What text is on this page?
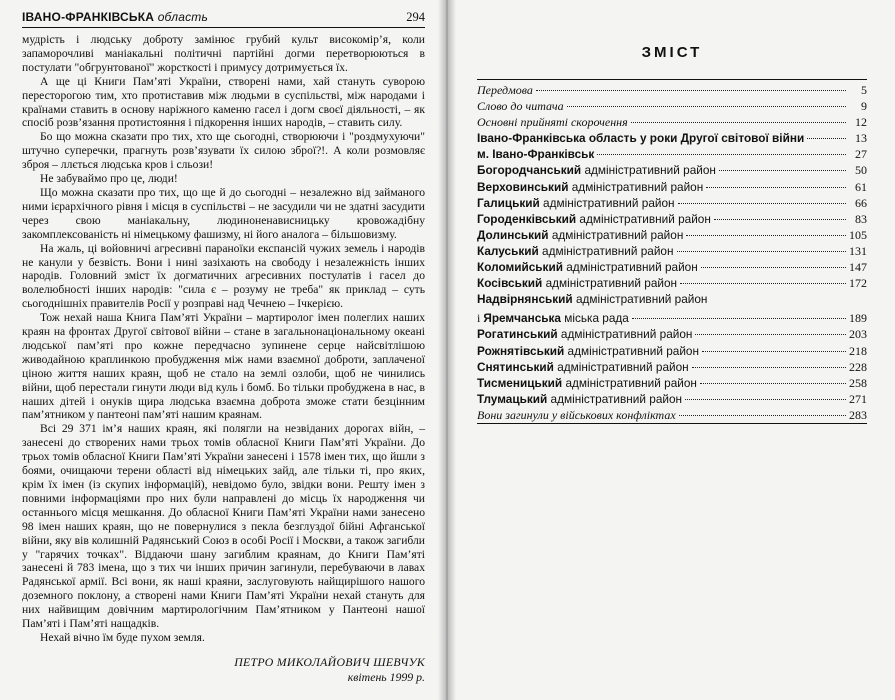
ІВАНО-ФРАНКІВСЬКА область	294

мудрість і людську доброту замінює грубий культ високомір’я, коли запаморочливі маніакальні політичні партійні догми перетворюються в постулати "обгрунтованої" жорсткості і примусу дотримується їх.

А ще ці Книги Пам’яті України, створені нами, хай стануть суворою пересторогою тим, хто протиставив між людьми в суспільстві, між народами і країнами ставить в основу наріжного каменю гасел і догм своєї діяльності, – як спосіб розв’язання протистояння і підкорення інших народів, – ставить силу.

Бо що можна сказати про тих, хто ще сьогодні, створюючи і "роздмухуючи" штучно суперечки, прагнуть розв’язувати їх силою зброї?!. А коли розмовляє зброя – ллється людська кров і сльози!

Не забуваймо про це, люди!

Що можна сказати про тих, що ще й до сьогодні – незалежно від займаного ними ієрархічного рівня і місця в суспільстві – не засудили чи не здатні засудити через свою маніакальну, людиноненависницьку кровожадібну закомплексованість ні німецькому фашизму, ні його аналога – більшовизму.

На жаль, ці войовничі агресивні параноїки експансій чужих земель і народів не канули у безвість. Вони і нині зазіхають на свободу і незалежність інших народів. Головний зміст їх догматичних агресивних постулатів і гасел до волелюбності інших народів: "сила є – розуму не треба" як приклад – суть сьогоднішніх правителів Росії у розправі над Чечнею – Ічкерією.

Тож нехай наша Книга Пам’яті України – мартиролог імен полеглих наших краян на фронтах Другої світової війни – стане в загальнонаціональному океані людської пам’яті про кожне передчасно зупинене серце найсвітлішою живодайною краплинкою пробудження між нами взаємної доброти, заплаченої ціною життя наших краян, щоб не стало на землі озлоби, щоб не чинились війни, щоб перестали гинути люди від куль і бомб. Бо тільки пробуджена в нас, в наших дітей і онуків щира людська взаємна доброта зможе стати безцінним пам’ятником у пантеоні пам’яті нашим краянам.

Всі 29 371 ім’я наших краян, які полягли на незвіданих дорогах війн, – занесені до створених нами трьох томів обласної Книги Пам’яті України. До трьох томів обласної Книги Пам’яті України занесені і 1578 імен тих, що йшли з боями, очищаючи терени області від німецьких зайд, але тільки ті, про яких, крім їх імен (із скупих інформацій), невідомо було, звідки вони. Решту імен з повними інформаціями про них були направлені до місць їх народження чи останнього місця мешкання. До обласної Книги Пам’яті України нами занесено 98 імен наших краян, що не повернулися з пекла безглуздої бійні Афганської війни, яку вів колишній Радянський Союз в особі Росії і Москви, а також загибли у "гарячих точках". Віддаючи шану загиблим краянам, до Книги Пам’яті занесені й 783 імена, що з тих чи інших причин загинули, перебуваючи в лавах Радянської армії. Всі вони, як наші краяни, заслуговують найщирішого нашого доземного поклону, а створені нами Книги Пам’яті України нехай стануть для них найвищим довічним мартирологічним Пам’ятником у Пантеоні нашої Пам’яті і Пам’яті нащадків.

Нехай вічно їм буде пухом земля.

ПЕТРО МИКОЛАЙОВИЧ ШЕВЧУК
квітень 1999 р.
ЗМІСТ
Передмова	5
Слово до читача	9
Основні прийняті скорочення	12
Івано-Франківська область у роки Другої світової війни	13
м. Івано-Франківськ	27
Богородчанський адміністративний район	50
Верховинський адміністративний район	61
Галицький адміністративний район	66
Городенківський адміністративний район	83
Долинський адміністративний район	105
Калуський адміністративний район	131
Коломийський адміністративний район	147
Косівський адміністративний район	172
Надвірнянський адміністративний район
і
Яремчанська міська рада	189
Рогатинський адміністративний район	203
Рожнятівський адміністративний район	218
Снятинський адміністративний район	228
Тисменицький адміністративний район	258
Тлумацький адміністративний район	271
Вони загинули у військових конфліктах	283
